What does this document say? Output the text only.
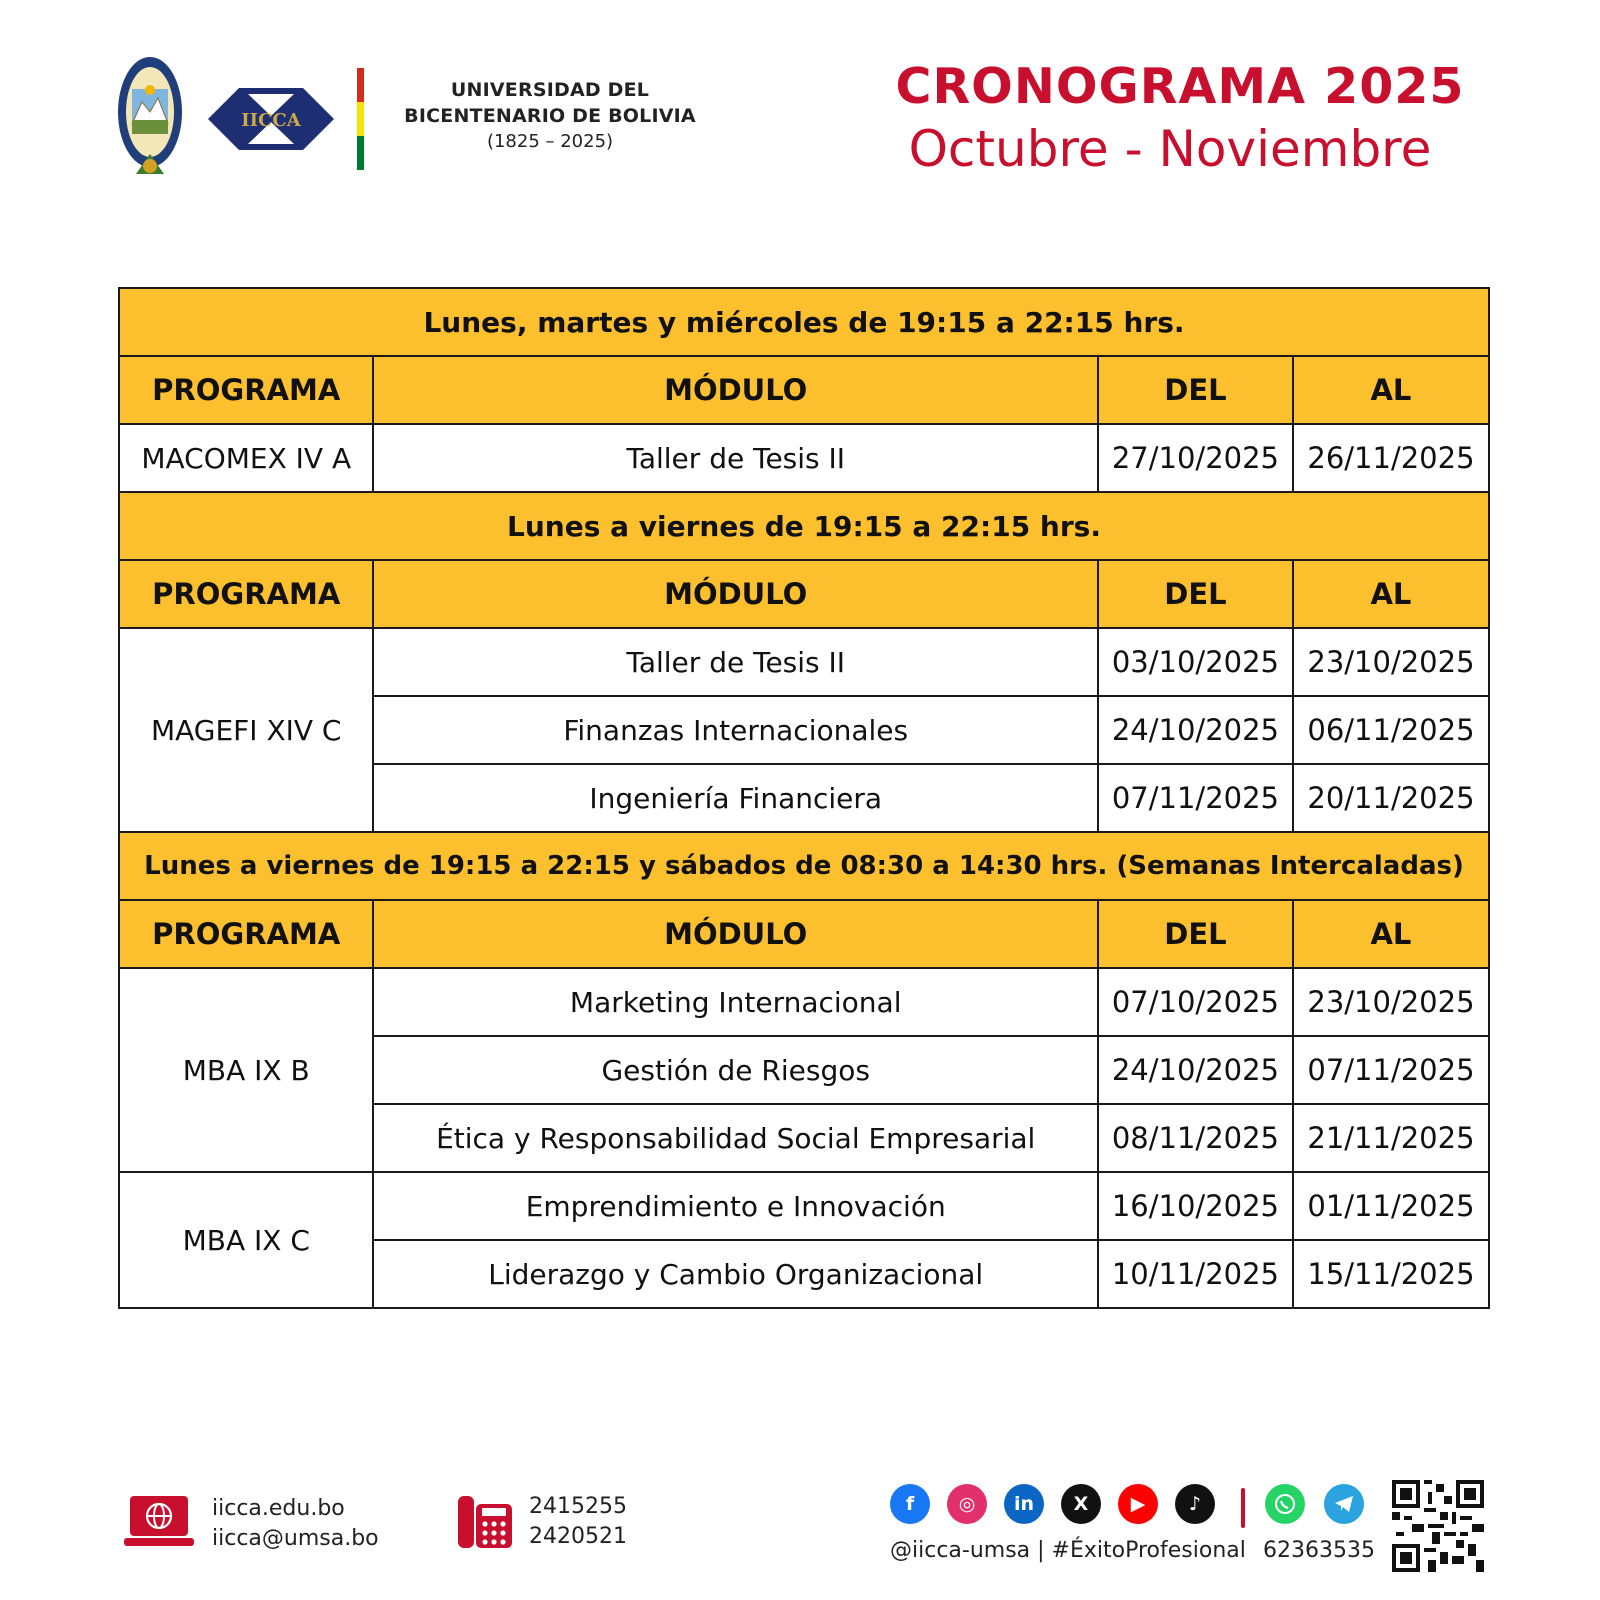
IICCA
UNIVERSIDAD DEL
BICENTENARIO DE BOLIVIA
(1825 – 2025)
CRONOGRAMA 2025
Octubre - Noviembre
Lunes, martes y miércoles de 19:15 a 22:15 hrs.			
PROGRAMA	MÓDULO	DEL	AL
MACOMEX IV A	Taller de Tesis II	27/10/2025	26/11/2025
Lunes a viernes de 19:15 a 22:15 hrs.			
PROGRAMA	MÓDULO	DEL	AL
MAGEFI XIV C	Taller de Tesis II	03/10/2025	23/10/2025
	Finanzas Internacionales	24/10/2025	06/11/2025
	Ingeniería Financiera	07/11/2025	20/11/2025
Lunes a viernes de 19:15 a 22:15 y sábados de 08:30 a 14:30 hrs. (Semanas Intercaladas)			
PROGRAMA	MÓDULO	DEL	AL
MBA IX B	Marketing Internacional	07/10/2025	23/10/2025
	Gestión de Riesgos	24/10/2025	07/11/2025
	Ética y Responsabilidad Social Empresarial	08/11/2025	21/11/2025
MBA IX C	Emprendimiento e Innovación	16/10/2025	01/11/2025
	Liderazgo y Cambio Organizacional	10/11/2025	15/11/2025
iicca.edu.bo
iicca@umsa.bo
2415255
2420521
f	◎	in	X	▶	♪
@iicca-umsa | #ÉxitoProfesional 62363535
